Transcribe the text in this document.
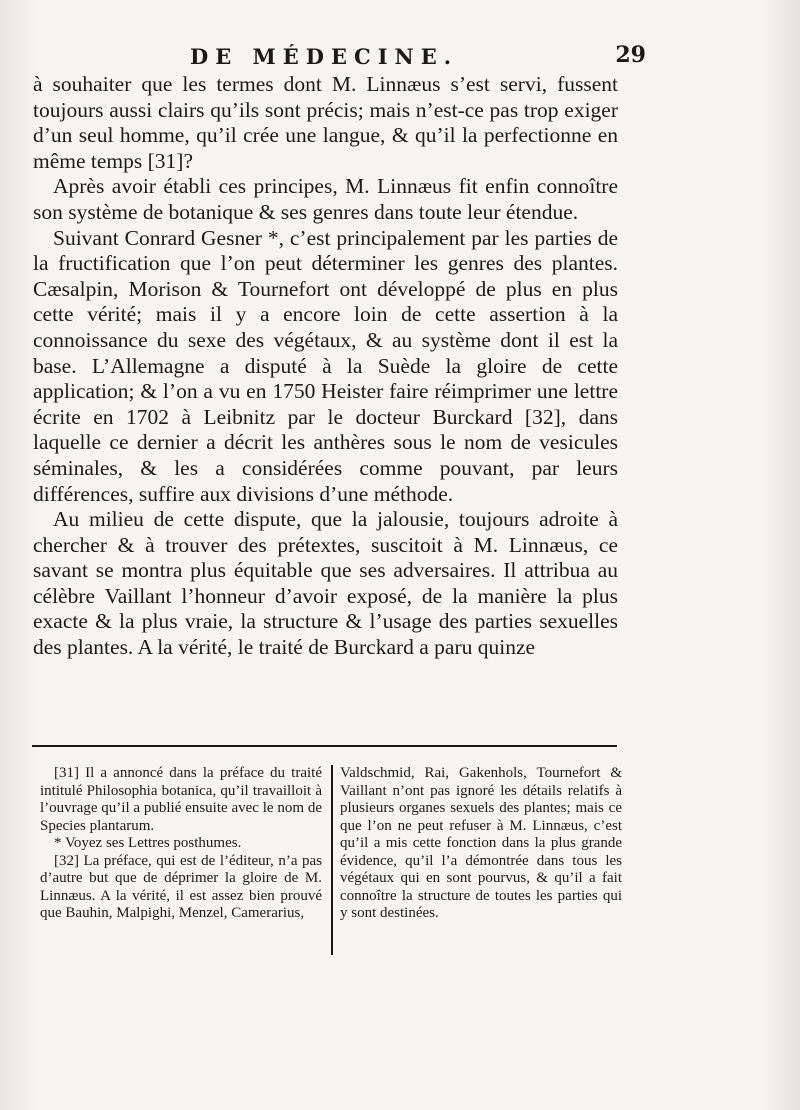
DE MÉDECINE.	29

à souhaiter que les termes dont M. Linnæus s’est servi, fussent toujours aussi clairs qu’ils sont précis; mais n’est-ce pas trop exiger d’un seul homme, qu’il crée une langue, & qu’il la perfectionne en même temps [31]?

Après avoir établi ces principes, M. Linnæus fit enfin connoître son système de botanique & ses genres dans toute leur étendue.

Suivant Conrard Gesner *, c’est principalement par les parties de la fructification que l’on peut déterminer les genres des plantes. Cæsalpin, Morison & Tournefort ont développé de plus en plus cette vérité; mais il y a encore loin de cette assertion à la connoissance du sexe des végétaux, & au système dont il est la base. L’Allemagne a disputé à la Suède la gloire de cette application; & l’on a vu en 1750 Heister faire réimprimer une lettre écrite en 1702 à Leibnitz par le docteur Burckard [32], dans laquelle ce dernier a décrit les anthères sous le nom de vesicules séminales, & les a considérées comme pouvant, par leurs différences, suffire aux divisions d’une méthode.

Au milieu de cette dispute, que la jalousie, toujours adroite à chercher & à trouver des prétextes, suscitoit à M. Linnæus, ce savant se montra plus équitable que ses adversaires. Il attribua au célèbre Vaillant l’honneur d’avoir exposé, de la manière la plus exacte & la plus vraie, la structure & l’usage des parties sexuelles des plantes. A la vérité, le traité de Burckard a paru quinze

[31] Il a annoncé dans la préface du traité intitulé Philosophia botanica, qu’il travailloit à l’ouvrage qu’il a publié ensuite avec le nom de Species plantarum.

* Voyez ses Lettres posthumes.

[32] La préface, qui est de l’éditeur, n’a pas d’autre but que de déprimer la gloire de M. Linnæus. A la vérité, il est assez bien prouvé que Bauhin, Malpighi, Menzel, Camerarius,

Valdschmid, Rai, Gakenhols, Tournefort & Vaillant n’ont pas ignoré les détails relatifs à plusieurs organes sexuels des plantes; mais ce que l’on ne peut refuser à M. Linnæus, c’est qu’il a mis cette fonction dans la plus grande évidence, qu’il l’a démontrée dans tous les végétaux qui en sont pourvus, & qu’il a fait connoître la structure de toutes les parties qui y sont destinées.
